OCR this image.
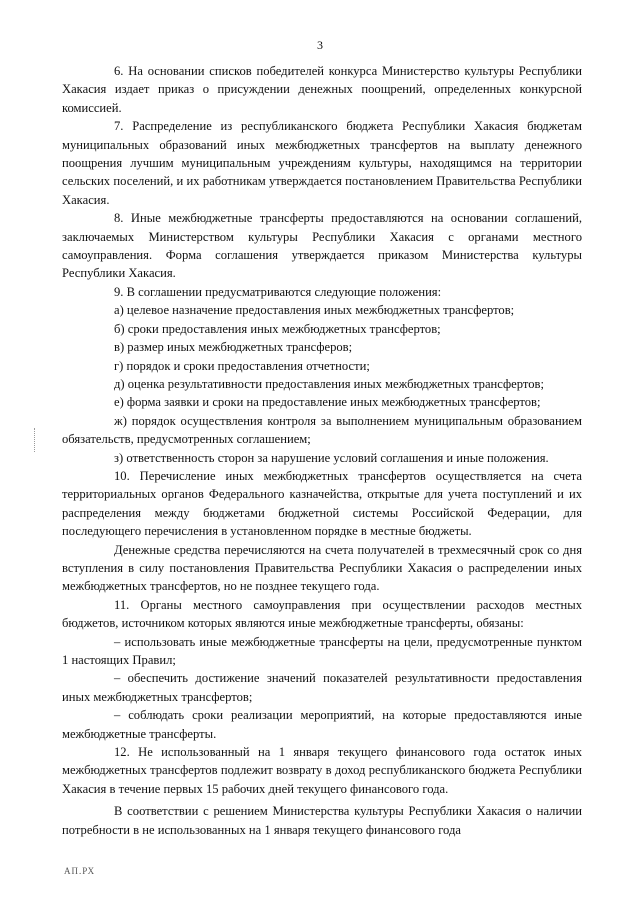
3

6. На основании списков победителей конкурса Министерство культуры Республики Хакасия издает приказ о присуждении денежных поощрений, определенных конкурсной комиссией.

7. Распределение из республиканского бюджета Республики Хакасия бюджетам муниципальных образований иных межбюджетных трансфертов на выплату денежного поощрения лучшим муниципальным учреждениям культуры, находящимся на территории сельских поселений, и их работникам утверждается постановлением Правительства Республики Хакасия.

8. Иные межбюджетные трансферты предоставляются на основании соглашений, заключаемых Министерством культуры Республики Хакасия с органами местного самоуправления. Форма соглашения утверждается приказом Министерства культуры Республики Хакасия.

9. В соглашении предусматриваются следующие положения:

а) целевое назначение предоставления иных межбюджетных трансфертов;

б) сроки предоставления иных межбюджетных трансфертов;

в) размер иных межбюджетных трансферов;

г) порядок и сроки предоставления отчетности;

д) оценка результативности предоставления иных межбюджетных трансфертов;

е) форма заявки и сроки на предоставление иных межбюджетных трансфертов;

ж) порядок осуществления контроля за выполнением муниципальным образованием обязательств, предусмотренных соглашением;

з) ответственность сторон за нарушение условий соглашения и иные положения.

10. Перечисление иных межбюджетных трансфертов осуществляется на счета территориальных органов Федерального казначейства, открытые для учета поступлений и их распределения между бюджетами бюджетной системы Российской Федерации, для последующего перечисления в установленном порядке в местные бюджеты.

Денежные средства перечисляются на счета получателей в трехмесячный срок со дня вступления в силу постановления Правительства Республики Хакасия о распределении иных межбюджетных трансфертов, но не позднее текущего года.

11. Органы местного самоуправления при осуществлении расходов местных бюджетов, источником которых являются иные межбюджетные трансферты, обязаны:

– использовать иные межбюджетные трансферты на цели, предусмотренные пунктом 1 настоящих Правил;

– обеспечить достижение значений показателей результативности предоставления иных межбюджетных трансфертов;

– соблюдать сроки реализации мероприятий, на которые предоставляются иные межбюджетные трансферты.

12. Не использованный на 1 января текущего финансового года остаток иных межбюджетных трансфертов подлежит возврату в доход республиканского бюджета Республики Хакасия в течение первых 15 рабочих дней текущего финансового года.

В соответствии с решением Министерства культуры Республики Хакасия о наличии потребности в не использованных на 1 января текущего финансового года

АП.РХ
